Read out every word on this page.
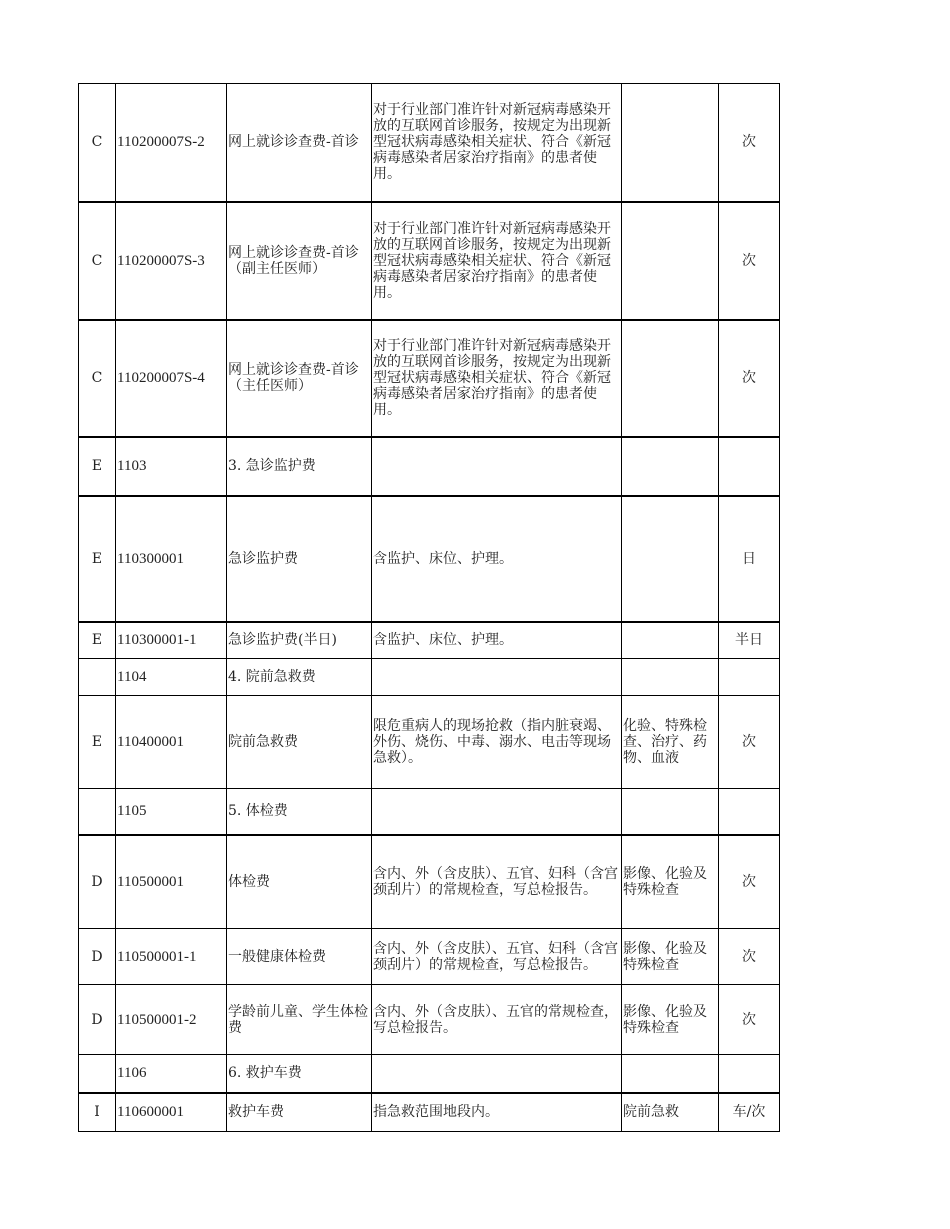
C	110200007S-2	网上就诊诊查费-首诊	对于行业部门准许针对新冠病毒感染开放的互联网首诊服务，按规定为出现新型冠状病毒感染相关症状、符合《新冠病毒感染者居家治疗指南》的患者使用。		次
C	110200007S-3	网上就诊诊查费-首诊（副主任医师）	对于行业部门准许针对新冠病毒感染开放的互联网首诊服务，按规定为出现新型冠状病毒感染相关症状、符合《新冠病毒感染者居家治疗指南》的患者使用。		次
C	110200007S-4	网上就诊诊查费-首诊（主任医师）	对于行业部门准许针对新冠病毒感染开放的互联网首诊服务，按规定为出现新型冠状病毒感染相关症状、符合《新冠病毒感染者居家治疗指南》的患者使用。		次
E	1103	3. 急诊监护费			
E	110300001	急诊监护费	含监护、床位、护理。		日
E	110300001-1	急诊监护费(半日)	含监护、床位、护理。		半日
	1104	4. 院前急救费			
E	110400001	院前急救费	限危重病人的现场抢救（指内脏衰竭、外伤、烧伤、中毒、溺水、电击等现场急救）。	化验、特殊检查、治疗、药物、血液	次
	1105	5. 体检费			
D	110500001	体检费	含内、外（含皮肤）、五官、妇科（含宫颈刮片）的常规检查，写总检报告。	影像、化验及特殊检查	次
D	110500001-1	一般健康体检费	含内、外（含皮肤）、五官、妇科（含宫颈刮片）的常规检查，写总检报告。	影像、化验及特殊检查	次
D	110500001-2	学龄前儿童、学生体检费	含内、外（含皮肤）、五官的常规检查，写总检报告。	影像、化验及特殊检查	次
	1106	6. 救护车费			
I	110600001	救护车费	指急救范围地段内。	院前急救	车/次
